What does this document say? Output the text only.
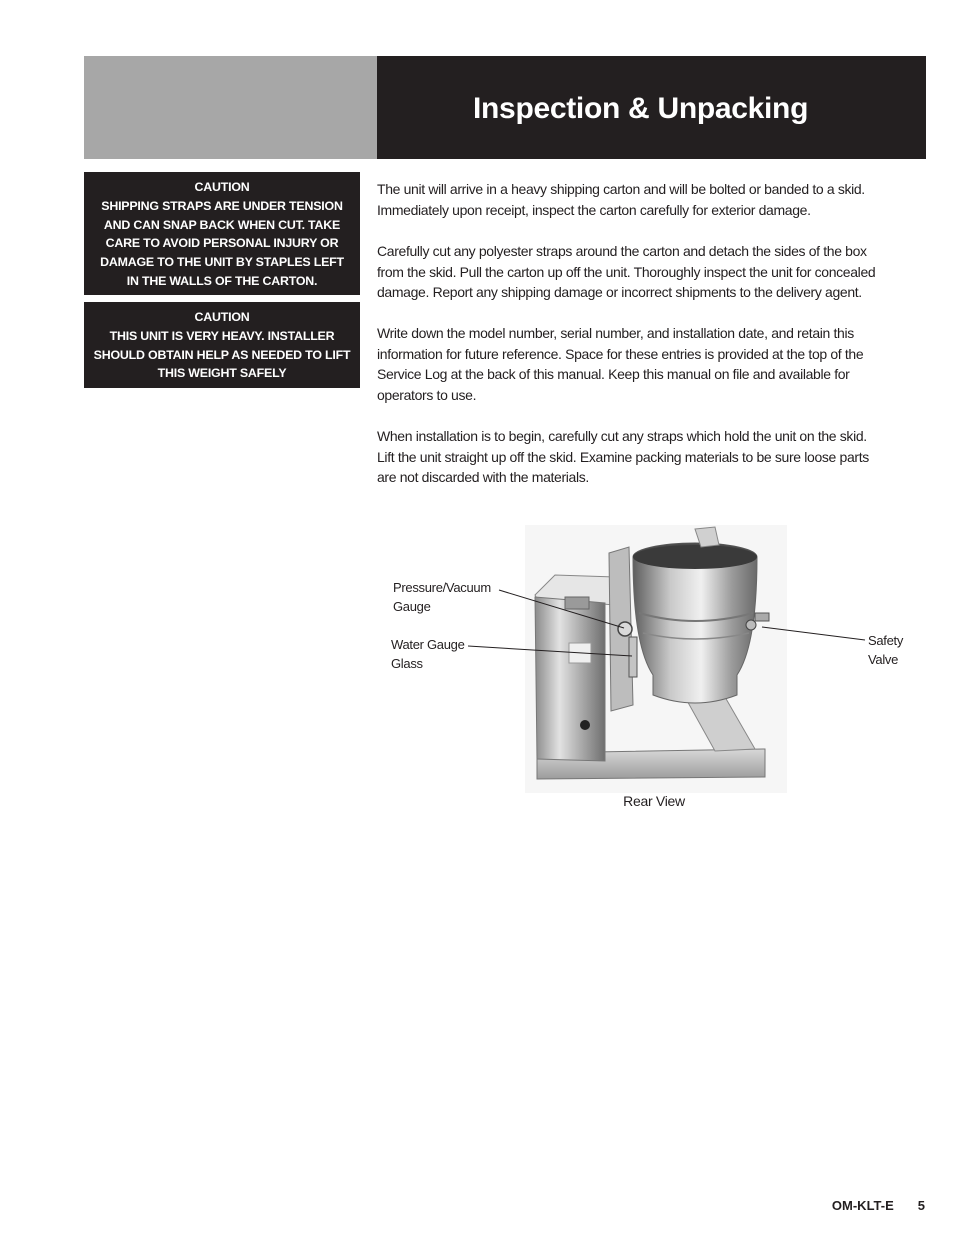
Inspection & Unpacking
CAUTION
SHIPPING STRAPS ARE UNDER TENSION
AND CAN SNAP BACK WHEN CUT. TAKE
CARE TO AVOID PERSONAL INJURY OR
DAMAGE TO THE UNIT BY STAPLES LEFT
IN THE WALLS OF THE CARTON.
CAUTION
THIS UNIT IS VERY HEAVY. INSTALLER
SHOULD OBTAIN HELP AS NEEDED TO LIFT
THIS WEIGHT SAFELY
The unit will arrive in a heavy shipping carton and will be bolted or banded to a skid.
Immediately upon receipt, inspect the carton carefully for exterior damage.
Carefully cut any polyester straps around the carton and detach the sides of the box
from the skid. Pull the carton up off the unit. Thoroughly inspect the unit for concealed
damage. Report any shipping damage or incorrect shipments to the delivery agent.
Write down the model number, serial number, and installation date, and retain this
information for future reference. Space for these entries is provided at the top of the
Service Log at the back of this manual. Keep this manual on file and available for
operators to use.
When installation is to begin, carefully cut any straps which hold the unit on the skid.
Lift the unit straight up off the skid. Examine packing materials to be sure loose parts
are not discarded with the materials.
Pressure/Vacuum
Gauge
Water Gauge
Glass
Safety
Valve
Rear View
OM-KLT-E 5
